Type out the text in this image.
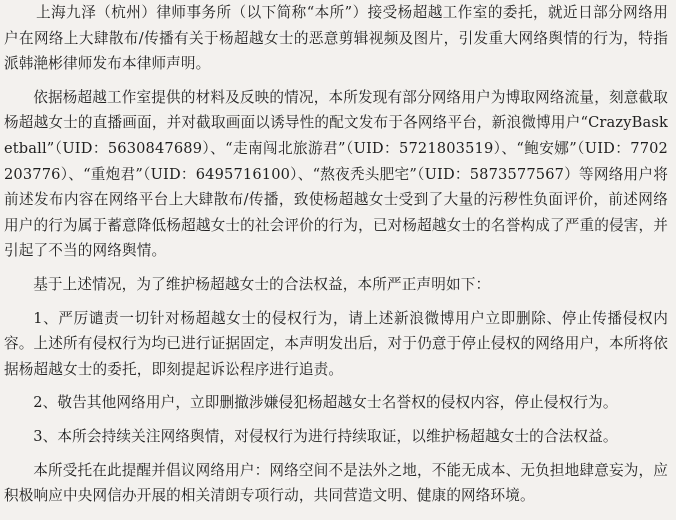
上海九泽（杭州）律师事务所（以下简称“本所”）接受杨超越工作室的委托，就近日部分网络用户在网络上大肆散布/传播有关于杨超越女士的恶意剪辑视频及图片，引发重大网络舆情的行为，特指派韩滟彬律师发布本律师声明。

依据杨超越工作室提供的材料及反映的情况，本所发现有部分网络用户为博取网络流量，刻意截取杨超越女士的直播画面，并对截取画面以诱导性的配文发布于各网络平台，新浪微博用户“CrazyBasketball”（UID：5630847689）、“走南闯北旅游君”（UID：5721803519）、“鲍安娜”（UID：7702203776）、“重炮君”（UID：6495716100）、“熬夜秃头肥宅”（UID：5873577567）等网络用户将前述发布内容在网络平台上大肆散布/传播，致使杨超越女士受到了大量的污秽性负面评价，前述网络用户的行为属于蓄意降低杨超越女士的社会评价的行为，已对杨超越女士的名誉构成了严重的侵害，并引起了不当的网络舆情。

基于上述情况，为了维护杨超越女士的合法权益，本所严正声明如下：

1、严厉谴责一切针对杨超越女士的侵权行为，请上述新浪微博用户立即删除、停止传播侵权内容。上述所有侵权行为均已进行证据固定，本声明发出后，对于仍意于停止侵权的网络用户，本所将依据杨超越女士的委托，即刻提起诉讼程序进行追责。

2、敬告其他网络用户，立即删撤涉嫌侵犯杨超越女士名誉权的侵权内容，停止侵权行为。

3、本所会持续关注网络舆情，对侵权行为进行持续取证，以维护杨超越女士的合法权益。

本所受托在此提醒并倡议网络用户：网络空间不是法外之地，不能无成本、无负担地肆意妄为，应积极响应中央网信办开展的相关清朗专项行动，共同营造文明、健康的网络环境。
